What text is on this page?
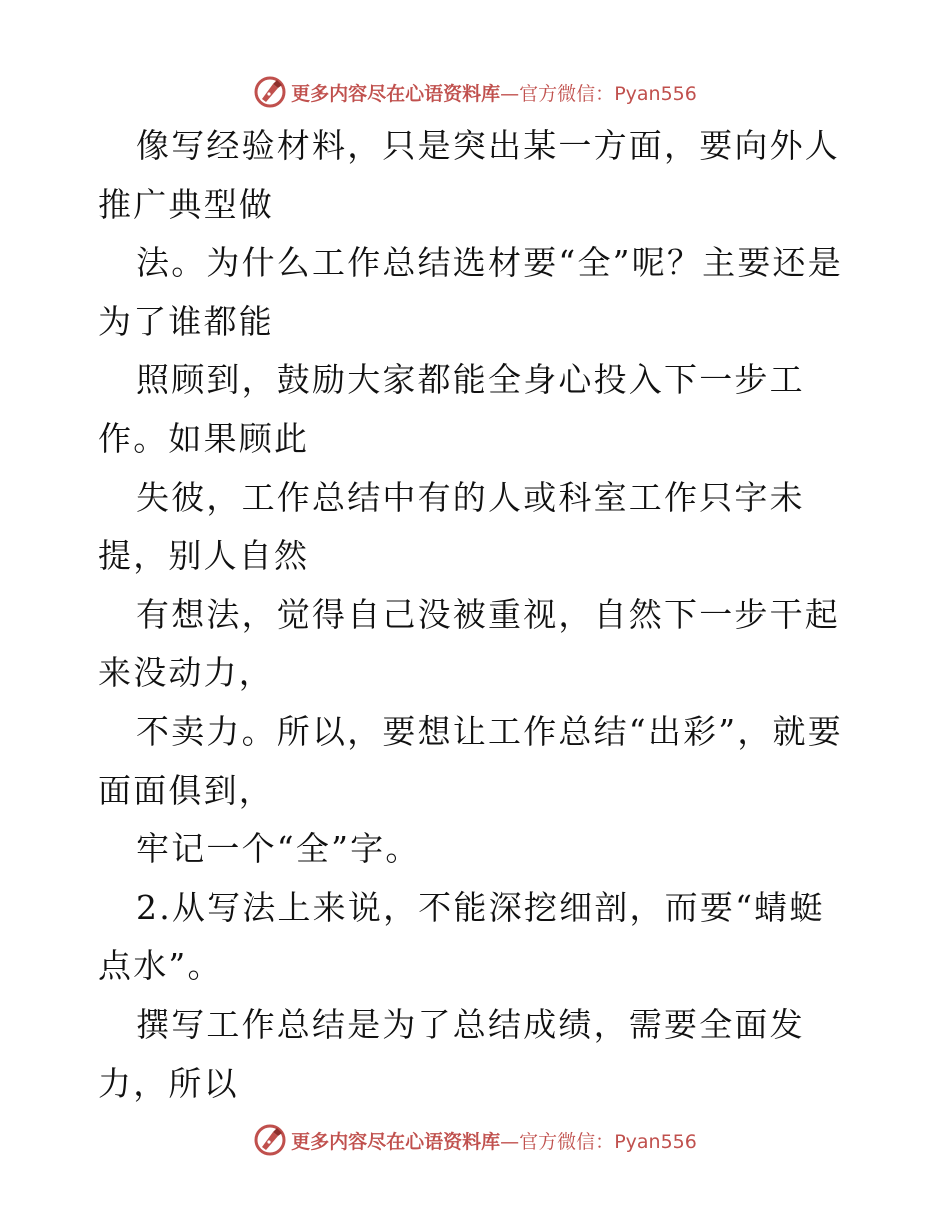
更多内容尽在心语资料库—官方微信：Pyan556

像写经验材料，只是突出某一方面，要向外人推广典型做

法。为什么工作总结选材要“全”呢？主要还是为了谁都能

照顾到，鼓励大家都能全身心投入下一步工作。如果顾此

失彼，工作总结中有的人或科室工作只字未提，别人自然

有想法，觉得自己没被重视，自然下一步干起来没动力，

不卖力。所以，要想让工作总结“出彩”，就要面面俱到，

牢记一个“全”字。

2.从写法上来说，不能深挖细剖，而要“蜻蜓点水”。

撰写工作总结是为了总结成绩，需要全面发力，所以

更多内容尽在心语资料库—官方微信：Pyan556
